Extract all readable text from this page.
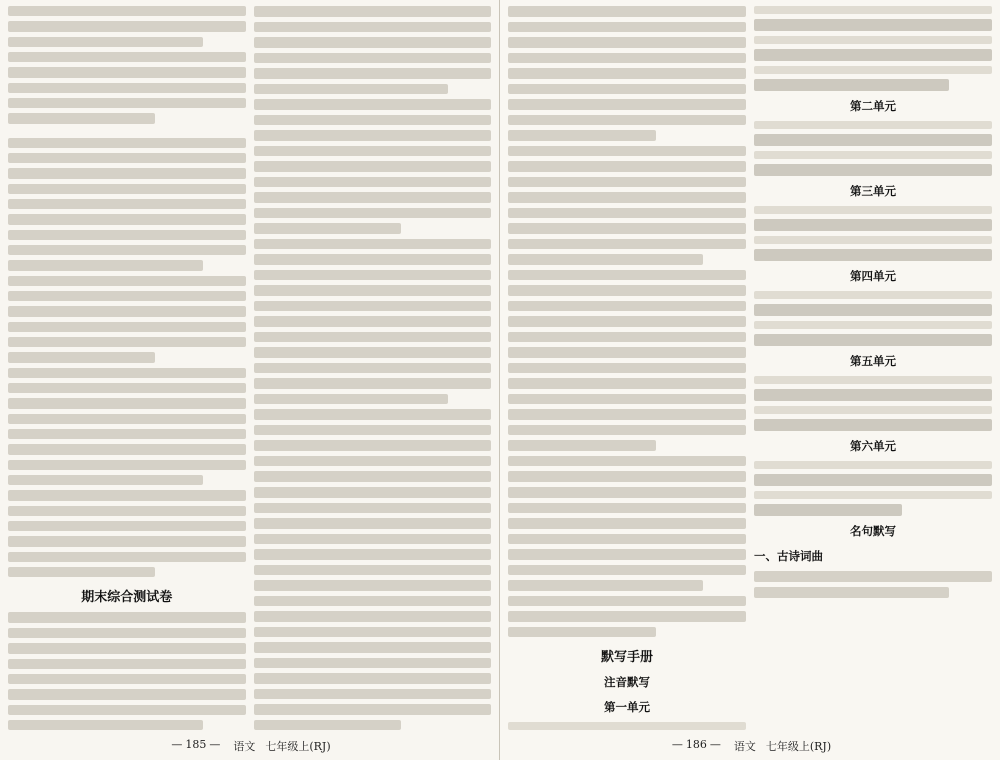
期末综合测试卷
— 185 —	语文 七年级上(RJ)
默写手册
注音默写
第一单元
第二单元
第三单元
第四单元
第五单元
第六单元
名句默写
一、古诗词曲
— 186 —	语文 七年级上(RJ)
